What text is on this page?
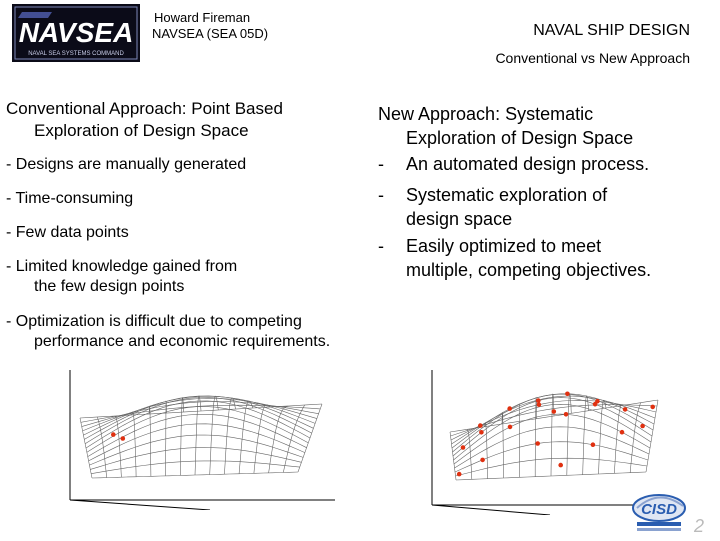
NAVSEA
NAVAL SEA SYSTEMS COMMAND
Howard Fireman
NAVSEA (SEA 05D)	NAVAL SHIP DESIGN
Conventional vs New Approach
Conventional Approach: Point Based
Exploration of Design Space
- Designs are manually generated
- Time-consuming
- Few data points
- Limited knowledge gained from
the few design points
- Optimization is difficult due to competing
performance and economic requirements.
New Approach: Systematic
Exploration of Design Space
- An automated design process.
- Systematic exploration of
design space
- Easily optimized to meet
multiple, competing objectives.
CISD
2
